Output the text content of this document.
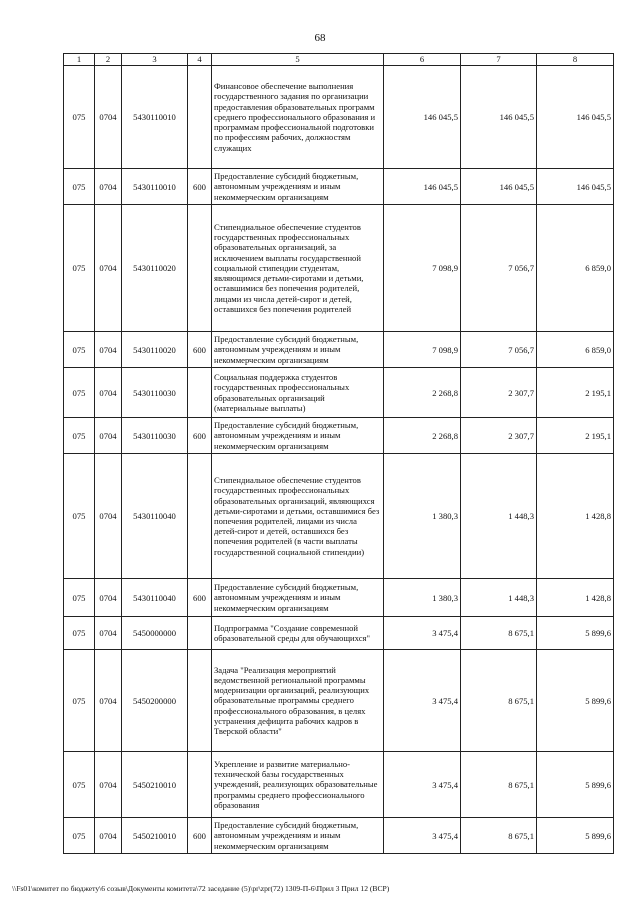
68
1	2	3	4	5	6	7	8
075	0704	5430110010		Финансовое обеспечение выполнения государственного задания по организации предоставления образовательных программ среднего профессионального образования и программам профессиональной подготовки по профессиям рабочих, должностям служащих	146 045,5	146 045,5	146 045,5
075	0704	5430110010	600	Предоставление субсидий бюджетным, автономным учреждениям и иным некоммерческим организациям	146 045,5	146 045,5	146 045,5
075	0704	5430110020		Стипендиальное обеспечение студентов государственных профессиональных образовательных организаций, за исключением выплаты государственной социальной стипендии студентам, являющимся детьми-сиротами и детьми, оставшимися без попечения родителей, лицами из числа детей-сирот и детей, оставшихся без попечения родителей	7 098,9	7 056,7	6 859,0
075	0704	5430110020	600	Предоставление субсидий бюджетным, автономным учреждениям и иным некоммерческим организациям	7 098,9	7 056,7	6 859,0
075	0704	5430110030		Социальная поддержка студентов государственных профессиональных образовательных организаций (материальные выплаты)	2 268,8	2 307,7	2 195,1
075	0704	5430110030	600	Предоставление субсидий бюджетным, автономным учреждениям и иным некоммерческим организациям	2 268,8	2 307,7	2 195,1
075	0704	5430110040		Стипендиальное обеспечение студентов государственных профессиональных образовательных организаций, являющихся детьми-сиротами и детьми, оставшимися без попечения родителей, лицами из числа детей-сирот и детей, оставшихся без попечения родителей (в части выплаты государственной социальной стипендии)	1 380,3	1 448,3	1 428,8
075	0704	5430110040	600	Предоставление субсидий бюджетным, автономным учреждениям и иным некоммерческим организациям	1 380,3	1 448,3	1 428,8
075	0704	5450000000		Подпрограмма "Создание современной образовательной среды для обучающихся"	3 475,4	8 675,1	5 899,6
075	0704	5450200000		Задача "Реализация мероприятий ведомственной региональной программы модернизации организаций, реализующих образовательные программы среднего профессионального образования, в целях устранения дефицита рабочих кадров в Тверской области"	3 475,4	8 675,1	5 899,6
075	0704	5450210010		Укрепление и развитие материально-технической базы государственных учреждений, реализующих образовательные программы среднего профессионального образования	3 475,4	8 675,1	5 899,6
075	0704	5450210010	600	Предоставление субсидий бюджетным, автономным учреждениям и иным некоммерческим организациям	3 475,4	8 675,1	5 899,6
\\Fs01\комитет по бюджету\6 созыв\Документы комитета\72 заседание (5)\pr\zpr(72) 1309-П-6\Прил 3 Прил 12 (ВСР)
